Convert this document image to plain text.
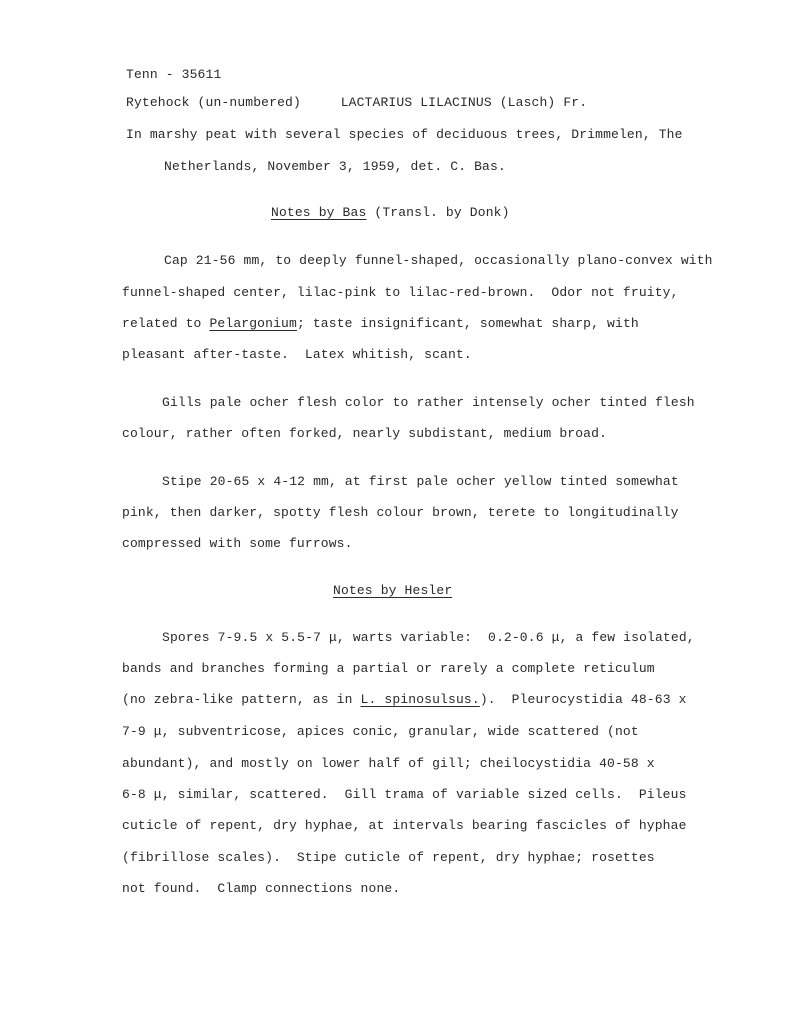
Tenn - 35611
Rytehock (un-numbered)	LACTARIUS LILACINUS (Lasch) Fr.
In marshy peat with several species of deciduous trees, Drimmelen, The
Netherlands, November 3, 1959, det. C. Bas.
Notes by Bas (Transl. by Donk)
Cap 21-56 mm, to deeply funnel-shaped, occasionally plano-convex with
funnel-shaped center, lilac-pink to lilac-red-brown.  Odor not fruity,
related to Pelargonium; taste insignificant, somewhat sharp, with
pleasant after-taste.  Latex whitish, scant.
Gills pale ocher flesh color to rather intensely ocher tinted flesh
colour, rather often forked, nearly subdistant, medium broad.
Stipe 20-65 x 4-12 mm, at first pale ocher yellow tinted somewhat
pink, then darker, spotty flesh colour brown, terete to longitudinally
compressed with some furrows.
Notes by Hesler
Spores 7-9.5 x 5.5-7 μ, warts variable:  0.2-0.6 μ, a few isolated,
bands and branches forming a partial or rarely a complete reticulum
(no zebra-like pattern, as in L. spinosulsus.).  Pleurocystidia 48-63 x
7-9 μ, subventricose, apices conic, granular, wide scattered (not
abundant), and mostly on lower half of gill; cheilocystidia 40-58 x
6-8 μ, similar, scattered.  Gill trama of variable sized cells.  Pileus
cuticle of repent, dry hyphae, at intervals bearing fascicles of hyphae
(fibrillose scales).  Stipe cuticle of repent, dry hyphae; rosettes
not found.  Clamp connections none.
